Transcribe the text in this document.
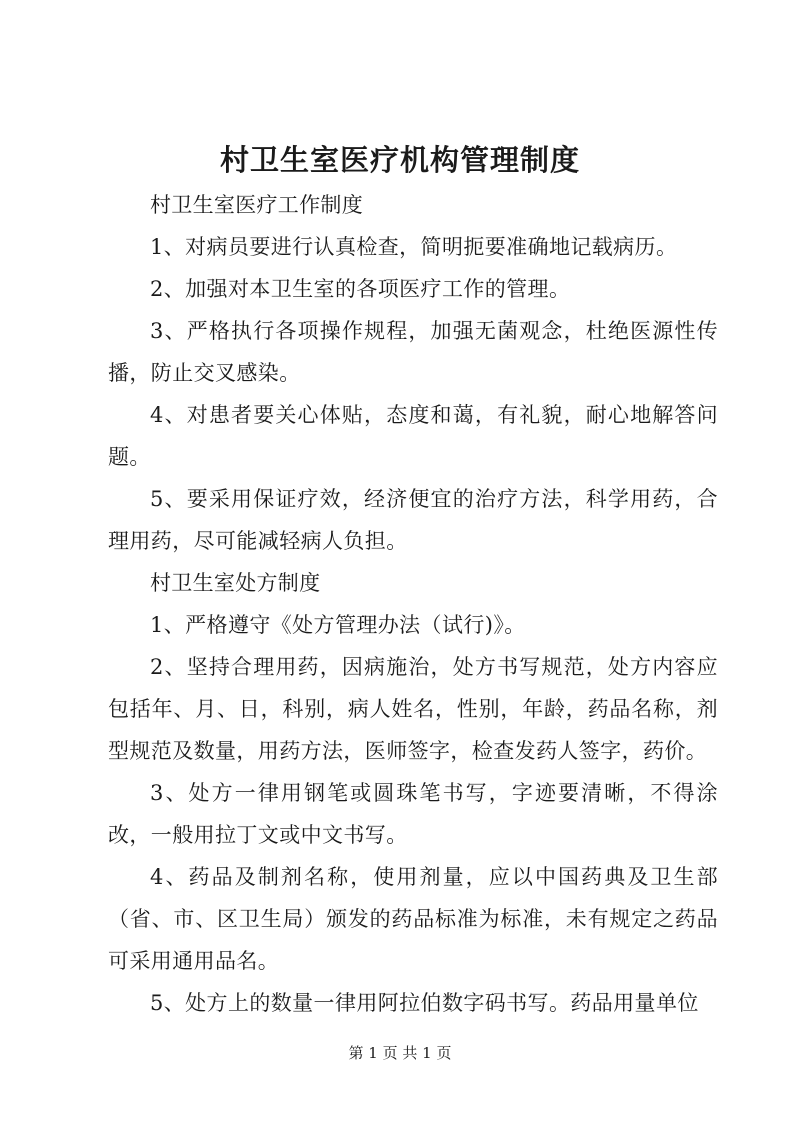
村卫生室医疗机构管理制度

村卫生室医疗工作制度

1、对病员要进行认真检查，简明扼要准确地记载病历。

2、加强对本卫生室的各项医疗工作的管理。

3、严格执行各项操作规程，加强无菌观念，杜绝医源性传播，防止交叉感染。

4、对患者要关心体贴，态度和蔼，有礼貌，耐心地解答问题。

5、要采用保证疗效，经济便宜的治疗方法，科学用药，合理用药，尽可能减轻病人负担。

村卫生室处方制度

1、严格遵守《处方管理办法（试行)》。

2、坚持合理用药，因病施治，处方书写规范，处方内容应包括年、月、日，科别，病人姓名，性别，年龄，药品名称，剂型规范及数量，用药方法，医师签字，检查发药人签字，药价。

3、处方一律用钢笔或圆珠笔书写，字迹要清晰，不得涂改，一般用拉丁文或中文书写。

4、药品及制剂名称，使用剂量，应以中国药典及卫生部（省、市、区卫生局）颁发的药品标准为标准，未有规定之药品可采用通用品名。

5、处方上的数量一律用阿拉伯数字码书写。药品用量单位

第 1 页 共 1 页
